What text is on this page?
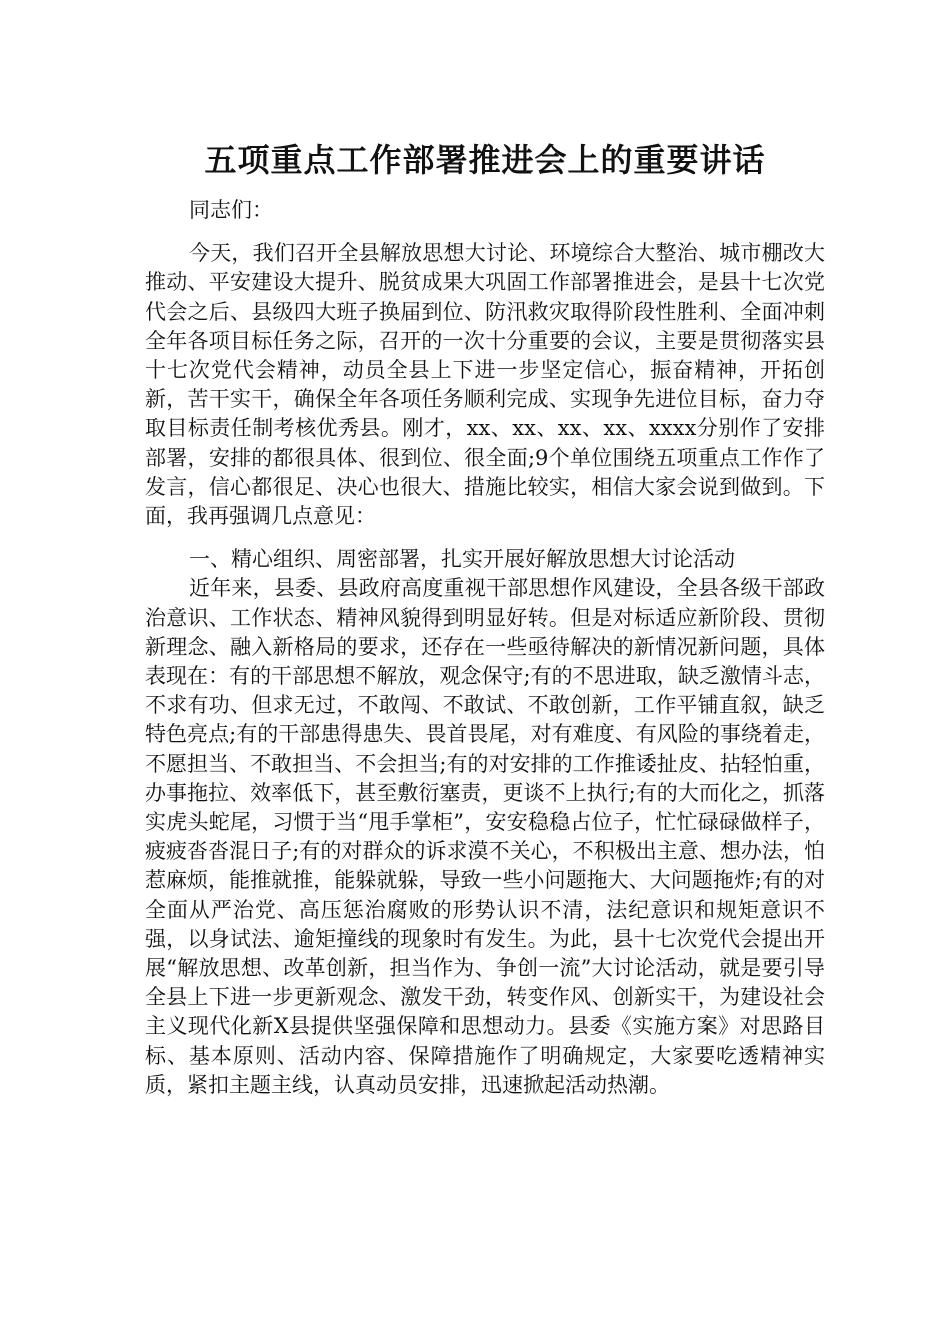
五项重点工作部署推进会上的重要讲话

同志们：

今天，我们召开全县解放思想大讨论、环境综合大整治、城市棚改大推动、平安建设大提升、脱贫成果大巩固工作部署推进会，是县十七次党代会之后、县级四大班子换届到位、防汛救灾取得阶段性胜利、全面冲刺全年各项目标任务之际，召开的一次十分重要的会议，主要是贯彻落实县十七次党代会精神，动员全县上下进一步坚定信心，振奋精神，开拓创新，苦干实干，确保全年各项任务顺利完成、实现争先进位目标，奋力夺取目标责任制考核优秀县。刚才，xx、xx、xx、xx、xxxx分别作了安排部署，安排的都很具体、很到位、很全面;9个单位围绕五项重点工作作了发言，信心都很足、决心也很大、措施比较实，相信大家会说到做到。下面，我再强调几点意见：

一、精心组织、周密部署，扎实开展好解放思想大讨论活动

近年来，县委、县政府高度重视干部思想作风建设，全县各级干部政治意识、工作状态、精神风貌得到明显好转。但是对标适应新阶段、贯彻新理念、融入新格局的要求，还存在一些亟待解决的新情况新问题，具体表现在：有的干部思想不解放，观念保守;有的不思进取，缺乏激情斗志，不求有功、但求无过，不敢闯、不敢试、不敢创新，工作平铺直叙，缺乏特色亮点;有的干部患得患失、畏首畏尾，对有难度、有风险的事绕着走，不愿担当、不敢担当、不会担当;有的对安排的工作推诿扯皮、拈轻怕重，办事拖拉、效率低下，甚至敷衍塞责，更谈不上执行;有的大而化之，抓落实虎头蛇尾，习惯于当“甩手掌柜”，安安稳稳占位子，忙忙碌碌做样子，疲疲沓沓混日子;有的对群众的诉求漠不关心，不积极出主意、想办法，怕惹麻烦，能推就推，能躲就躲，导致一些小问题拖大、大问题拖炸;有的对全面从严治党、高压惩治腐败的形势认识不清，法纪意识和规矩意识不强，以身试法、逾矩撞线的现象时有发生。为此，县十七次党代会提出开展“解放思想、改革创新，担当作为、争创一流”大讨论活动，就是要引导全县上下进一步更新观念、激发干劲，转变作风、创新实干，为建设社会主义现代化新X县提供坚强保障和思想动力。县委《实施方案》对思路目标、基本原则、活动内容、保障措施作了明确规定，大家要吃透精神实质，紧扣主题主线，认真动员安排，迅速掀起活动热潮。
